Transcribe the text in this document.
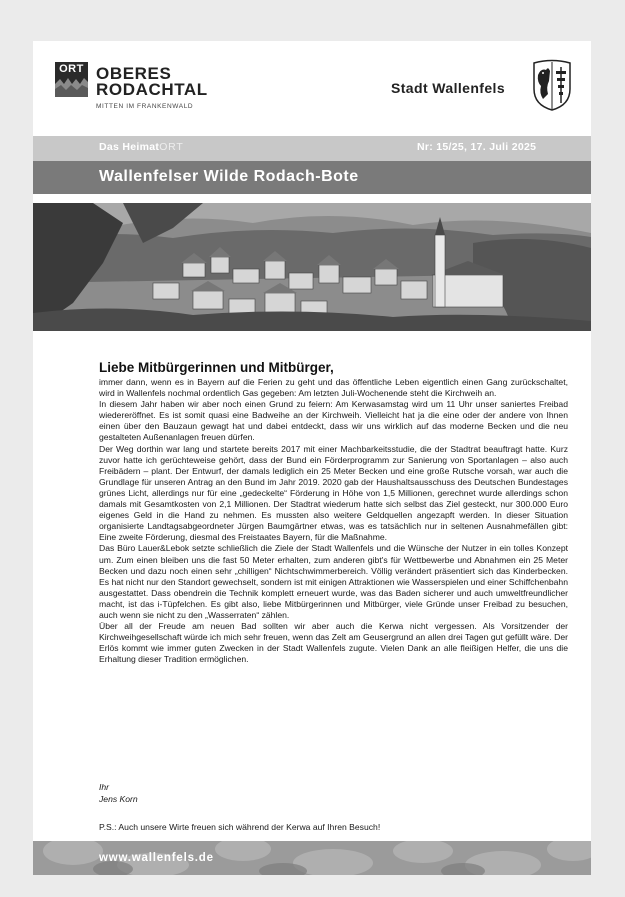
ORT OBERES
RODACHTAL
MITTEN IM FRANKENWALD
Stadt Wallenfels
Das HeimatORT	Nr: 15/25, 17. Juli 2025
Wallenfelser Wilde Rodach-Bote
Liebe Mitbürgerinnen und Mitbürger,

immer dann, wenn es in Bayern auf die Ferien zu geht und das öffentliche Leben eigentlich einen Gang zurückschaltet, wird in Wallenfels nochmal ordentlich Gas gegeben: Am letzten Juli-Wochenende steht die Kirchweih an.

In diesem Jahr haben wir aber noch einen Grund zu feiern: Am Kerwasamstag wird um 11 Uhr unser saniertes Freibad wiedereröffnet. Es ist somit quasi eine Badweihe an der Kirchweih. Vielleicht hat ja die eine oder der andere von Ihnen einen über den Bauzaun gewagt hat und dabei entdeckt, dass wir uns wirklich auf das moderne Becken und die neu gestalteten Außenanlagen freuen dürfen.

Der Weg dorthin war lang und startete bereits 2017 mit einer Machbarkeitsstudie, die der Stadtrat beauftragt hatte. Kurz zuvor hatte ich gerüchteweise gehört, dass der Bund ein Förderprogramm zur Sanierung von Sportanlagen – also auch Freibädern – plant. Der Entwurf, der damals lediglich ein 25 Meter Becken und eine große Rutsche vorsah, war auch die Grundlage für unseren Antrag an den Bund im Jahr 2019. 2020 gab der Haushaltsausschuss des Deutschen Bundestages grünes Licht, allerdings nur für eine „gedeckelte“ Förderung in Höhe von 1,5 Millionen, gerechnet wurde allerdings schon damals mit Gesamtkosten von 2,1 Millionen. Der Stadtrat wiederum hatte sich selbst das Ziel gesteckt, nur 300.000 Euro eigenes Geld in die Hand zu nehmen. Es mussten also weitere Geldquellen angezapft werden. In dieser Situation organisierte Landtagsabgeordneter Jürgen Baumgärtner etwas, was es tatsächlich nur in seltenen Ausnahmefällen gibt: Eine zweite Förderung, diesmal des Freistaates Bayern, für die Maßnahme.

Das Büro Lauer&Lebok setzte schließlich die Ziele der Stadt Wallenfels und die Wünsche der Nutzer in ein tolles Konzept um. Zum einen bleiben uns die fast 50 Meter erhalten, zum anderen gibt's für Wettbewerbe und Abnahmen ein 25 Meter Becken und dazu noch einen sehr „chilligen“ Nichtschwimmerbereich. Völlig verändert präsentiert sich das Kinderbecken. Es hat nicht nur den Standort gewechselt, sondern ist mit einigen Attraktionen wie Wasserspielen und einer Schiffchenbahn ausgestattet. Dass obendrein die Technik komplett erneuert wurde, was das Baden sicherer und auch umweltfreundlicher macht, ist das i-Tüpfelchen. Es gibt also, liebe Mitbürgerinnen und Mitbürger, viele Gründe unser Freibad zu besuchen, auch wenn sie nicht zu den „Wasserraten“ zählen.

Über all der Freude am neuen Bad sollten wir aber auch die Kerwa nicht vergessen. Als Vorsitzender der Kirchweihgesellschaft würde ich mich sehr freuen, wenn das Zelt am Geusergrund an allen drei Tagen gut gefüllt wäre. Der Erlös kommt wie immer guten Zwecken in der Stadt Wallenfels zugute. Vielen Dank an alle fleißigen Helfer, die uns die Erhaltung dieser Tradition ermöglichen.

Ihr
Jens Korn
P.S.: Auch unsere Wirte freuen sich während der Kerwa auf Ihren Besuch!
www.wallenfels.de
